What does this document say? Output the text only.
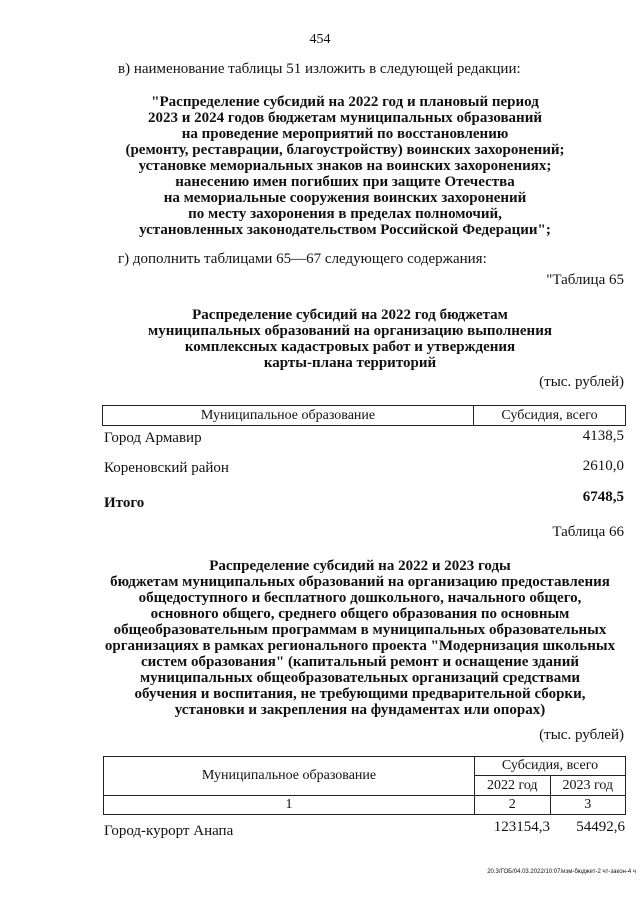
454
в) наименование таблицы 51 изложить в следующей редакции:
"Распределение субсидий на 2022 год и плановый период
2023 и 2024 годов бюджетам муниципальных образований
на проведение мероприятий по восстановлению
(ремонту, реставрации, благоустройству) воинских захоронений;
установке мемориальных знаков на воинских захоронениях;
нанесению имен погибших при защите Отечества
на мемориальные сооружения воинских захоронений
по месту захоронения в пределах полномочий,
установленных законодательством Российской Федерации";
г) дополнить таблицами 65—67 следующего содержания:
"Таблица 65
Распределение субсидий на 2022 год бюджетам
муниципальных образований на организацию выполнения
комплексных кадастровых работ и утверждения
карты-плана территорий
(тыс. рублей)
Муниципальное образование	Субсидия, всего
Город Армавир	4138,5
Кореновский район	2610,0
Итого	6748,5
Таблица 66
Распределение субсидий на 2022 и 2023 годы
бюджетам муниципальных образований на организацию предоставления
общедоступного и бесплатного дошкольного, начального общего,
основного общего, среднего общего образования по основным
общеобразовательным программам в муниципальных образовательных
организациях в рамках регионального проекта "Модернизация школьных
систем образования" (капитальный ремонт и оснащение зданий
муниципальных общеобразовательных организаций средствами
обучения и воспитания, не требующими предварительной сборки,
установки и закрепления на фундаментах или опорах)
(тыс. рублей)
Муниципальное образование	Субсидия, всего	
	2022 год	2023 год
1	2	3
Город-курорт Анапа	123154,3	54492,6
20.3/ГОБ/04.03.2022/10:07/изм-бюджет-2 чт-закон-4 ч
